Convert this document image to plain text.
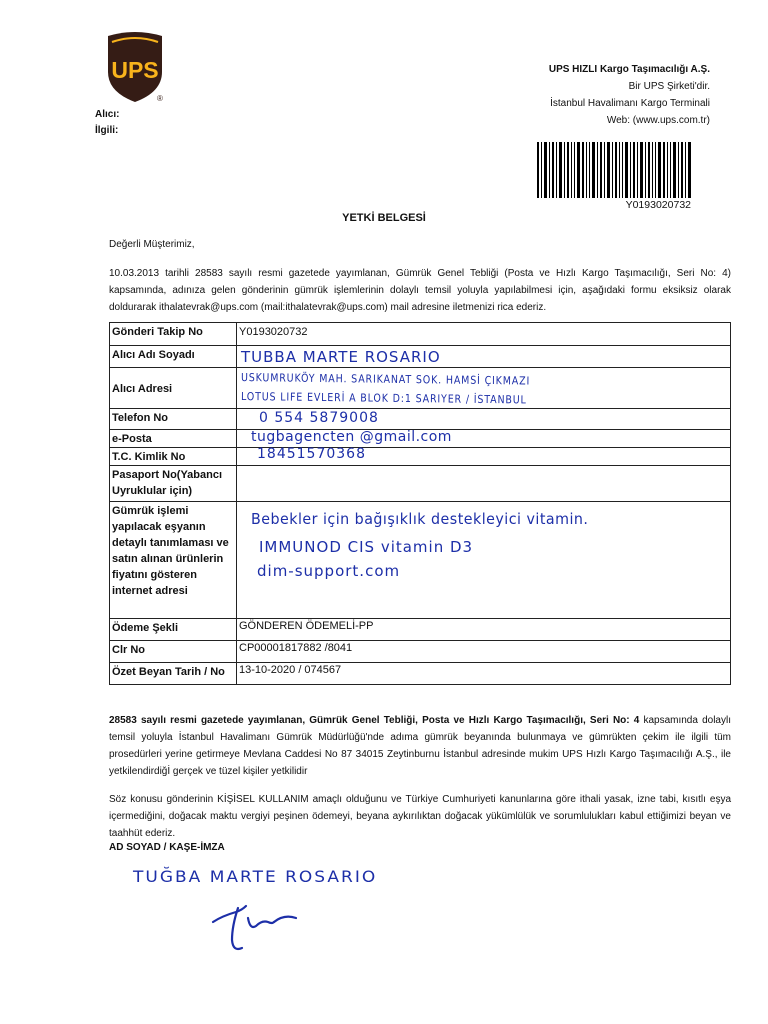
UPS
®
UPS HIZLI Kargo Taşımacılığı A.Ş.
Bir UPS Şirketi'dir.
İstanbul Havalimanı Kargo Terminali
Web: (www.ups.com.tr)
Alıcı:
İlgili:
Y0193020732
YETKİ BELGESİ
Değerli Müşterimiz,
10.03.2013 tarihli 28583 sayılı resmi gazetede yayımlanan, Gümrük Genel Tebliği (Posta ve Hızlı Kargo Taşımacılığı, Seri No: 4) kapsamında, adınıza gelen gönderinin gümrük işlemlerinin dolaylı temsil yoluyla yapılabilmesi için, aşağıdaki formu eksiksiz olarak doldurarak ithalatevrak@ups.com (mail:ithalatevrak@ups.com) mail adresine iletmenizi rica ederiz.
Gönderi Takip No	Y0193020732

Alıcı Adı Soyadı	TUBBA MARTE ROSARIO

Alıcı Adresi	USKUMRUKÖY MAH. SARIKANAT SOK. HAMSİ ÇIKMAZI
LOTUS LIFE EVLERİ A BLOK D:1 SARIYER / İSTANBUL

Telefon No	0 554 5879008

e-Posta	tugbagencten @gmail.com

T.C. Kimlik No	18451570368

Pasaport No(Yabancı Uyruklular için)	
Gümrük işlemi yapılacak eşyanın detaylı tanımlaması ve satın alınan ürünlerin fiyatını gösteren internet adresi	Bebekler için bağışıklık destekleyici vitamin.
IMMUNOD CIS vitamin D3
dim-support.com

Ödeme Şekli	GÖNDEREN ÖDEMELİ-PP

Clr No	CP00001817882 /8041

Özet Beyan Tarih / No	13-10-2020 / 074567
28583 sayılı resmi gazetede yayımlanan, Gümrük Genel Tebliği, Posta ve Hızlı Kargo Taşımacılığı, Seri No: 4 kapsamında dolaylı temsil yoluyla İstanbul Havalimanı Gümrük Müdürlüğü'nde adıma gümrük beyanında bulunmaya ve gümrükten çekim ile ilgili tüm prosedürleri yerine getirmeye Mevlana Caddesi No 87 34015 Zeytinburnu İstanbul adresinde mukim UPS Hızlı Kargo Taşımacılığı A.Ş., ile yetkilendirdiğİ gerçek ve tüzel kişiler yetkilidir
Söz konusu gönderinin KİŞİSEL KULLANIM amaçlı olduğunu ve Türkiye Cumhuriyeti kanunlarına göre ithali yasak, izne tabi, kısıtlı eşya içermediğini, doğacak maktu vergiyi peşinen ödemeyi, beyana aykırılıktan doğacak yükümlülük ve sorumlulukları kabul ettiğimizi beyan ve taahhüt ederiz.
AD SOYAD / KAŞE-İMZA
TUĞBA MARTE ROSARIO
